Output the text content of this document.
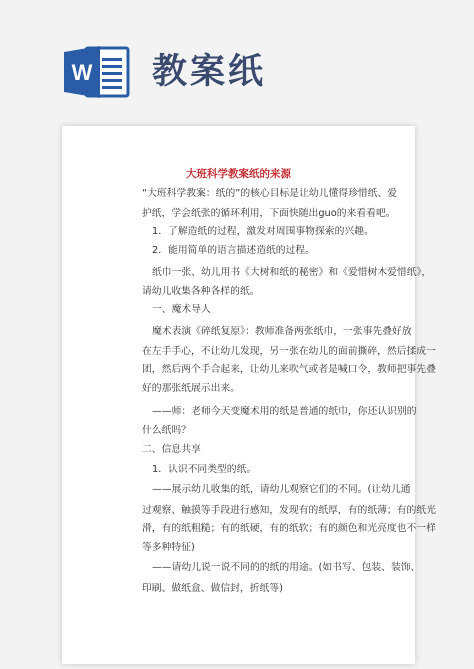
W 教案纸
大班科学教案纸的来源
“大班科学教案：纸的”的核心目标是让幼儿懂得珍惜纸、爱
护纸，学会纸张的循环利用，下面快随出guo的来看看吧。
1．了解造纸的过程，激发对周围事物探索的兴趣。
2．能用简单的语言描述造纸的过程。
纸巾一张、幼儿用书《大树和纸的秘密》和《爱惜树木爱惜纸》，
请幼儿收集各种各样的纸。
一、魔术导人
魔术表演《碎纸复原》：教师准备两张纸巾，一张事先叠好放
在左手手心，不让幼儿发现，另一张在幼儿的面前撕碎，然后揉成一
团，然后两个手合起来，让幼儿来吹气或者是喊口令，教师把事先叠
好的那张纸展示出来。
——师：老师今天变魔术用的纸是普通的纸巾，你还认识别的
什么纸吗？
二、信息共享
1．认识不同类型的纸。
——展示幼儿收集的纸，请幼儿观察它们的不同。(让幼儿通
过观察、触摸等手段进行感知，发现有的纸厚，有的纸薄；有的纸光
滑，有的纸粗糙；有的纸硬，有的纸软；有的颜色和光亮度也不一样
等多种特征)
——请幼儿说一说不同的的纸的用途。(如书写、包装、装饰、
印刷、做纸盒、做信封，折纸等)
